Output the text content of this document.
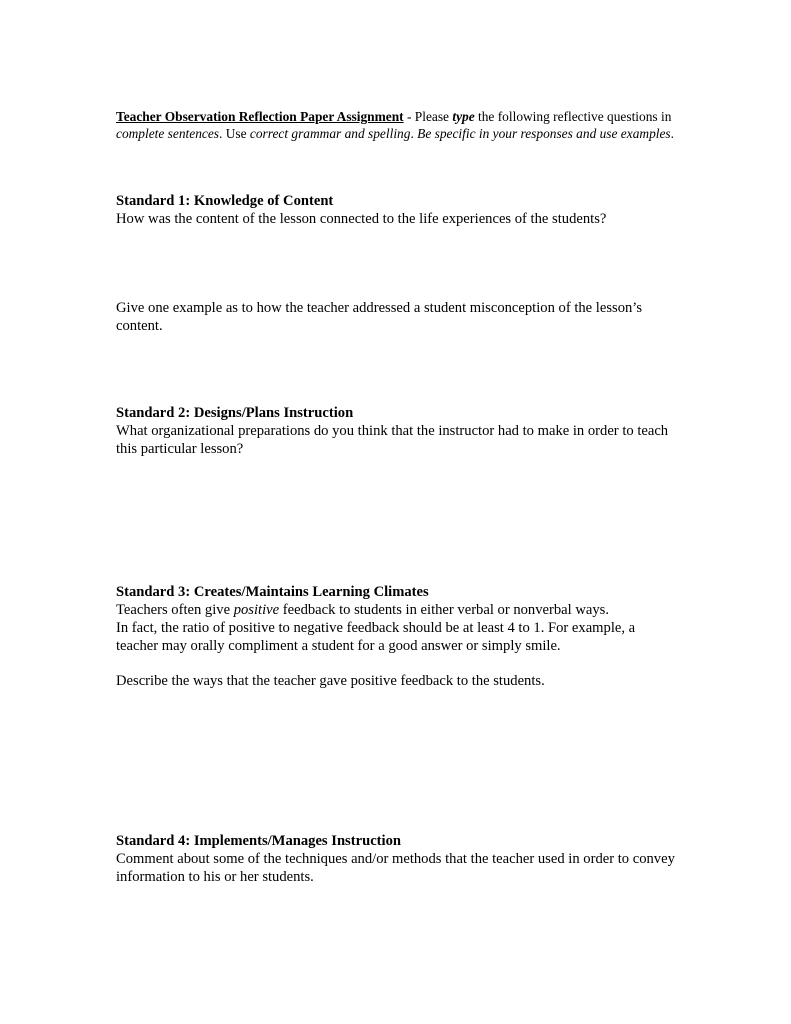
Teacher Observation Reflection Paper Assignment - Please type the following reflective questions in complete sentences. Use correct grammar and spelling. Be specific in your responses and use examples.
Standard 1: Knowledge of Content
How was the content of the lesson connected to the life experiences of the students?
Give one example as to how the teacher addressed a student misconception of the lesson’s content.
Standard 2: Designs/Plans Instruction
What organizational preparations do you think that the instructor had to make in order to teach this particular lesson?
Standard 3: Creates/Maintains Learning Climates
Teachers often give positive feedback to students in either verbal or nonverbal ways.
In fact, the ratio of positive to negative feedback should be at least 4 to 1. For example, a teacher may orally compliment a student for a good answer or simply smile.
Describe the ways that the teacher gave positive feedback to the students.
Standard 4: Implements/Manages Instruction
Comment about some of the techniques and/or methods that the teacher used in order to convey information to his or her students.
